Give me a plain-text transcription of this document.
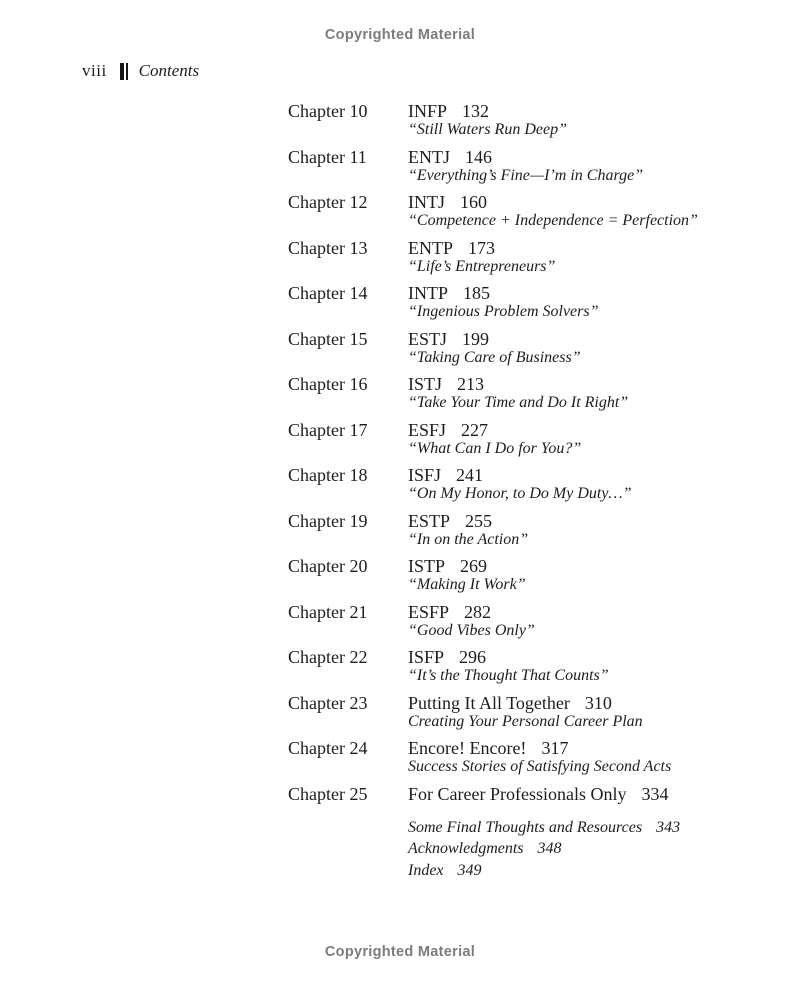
Copyrighted Material
viii Contents
Chapter 10	INFP 132
“Still Waters Run Deep”
Chapter 11	ENTJ 146
“Everything’s Fine—I’m in Charge”
Chapter 12	INTJ 160
“Competence + Independence = Perfection”
Chapter 13	ENTP 173
“Life’s Entrepreneurs”
Chapter 14	INTP 185
“Ingenious Problem Solvers”
Chapter 15	ESTJ 199
“Taking Care of Business”
Chapter 16	ISTJ 213
“Take Your Time and Do It Right”
Chapter 17	ESFJ 227
“What Can I Do for You?”
Chapter 18	ISFJ 241
“On My Honor, to Do My Duty…”
Chapter 19	ESTP 255
“In on the Action”
Chapter 20	ISTP 269
“Making It Work”
Chapter 21	ESFP 282
“Good Vibes Only”
Chapter 22	ISFP 296
“It’s the Thought That Counts”
Chapter 23	Putting It All Together 310
Creating Your Personal Career Plan
Chapter 24	Encore! Encore! 317
Success Stories of Satisfying Second Acts
Chapter 25	For Career Professionals Only 334
Some Final Thoughts and Resources 343
Acknowledgments 348
Index 349
Copyrighted Material
